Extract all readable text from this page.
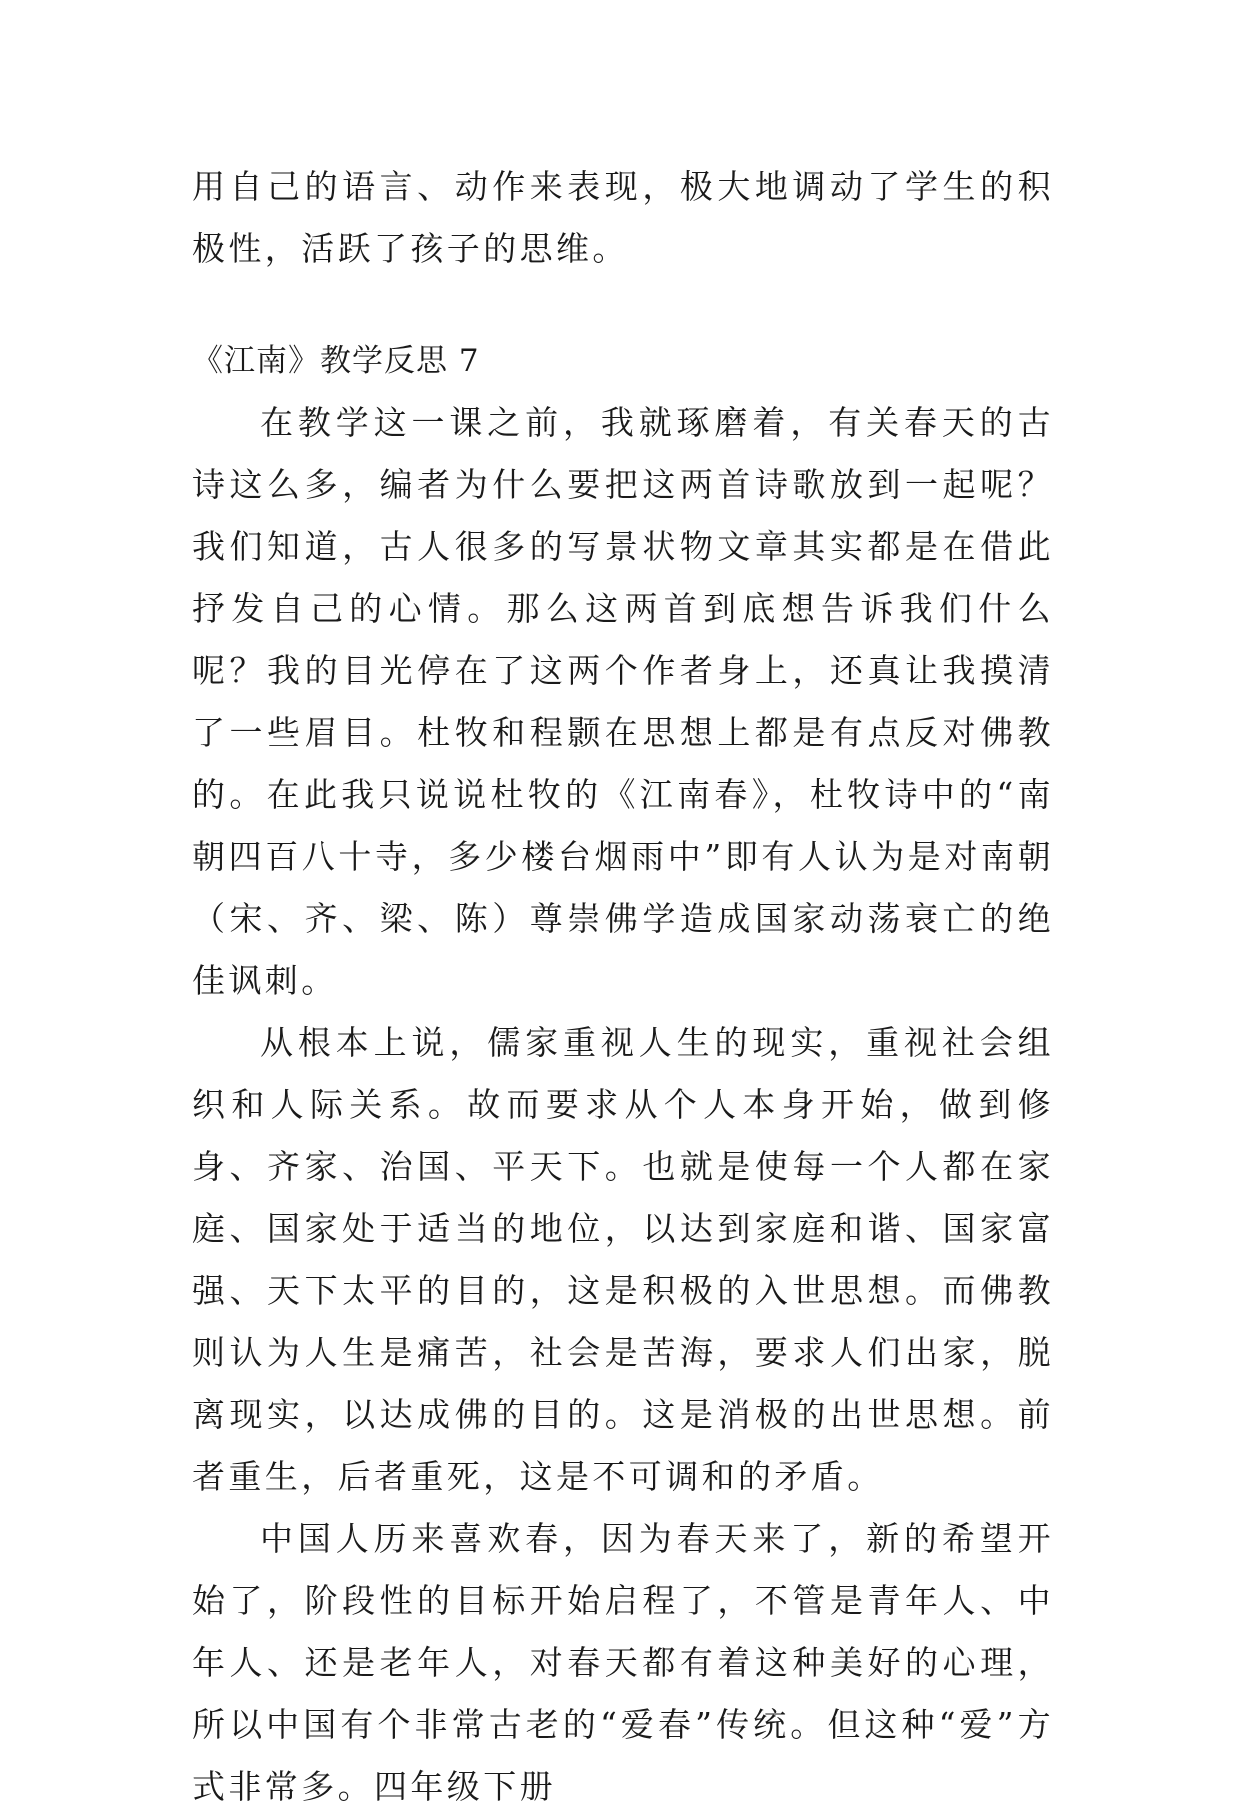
用自己的语言、动作来表现，极大地调动了学生的积极性，活跃了孩子的思维。

《江南》教学反思 7

在教学这一课之前，我就琢磨着，有关春天的古诗这么多，编者为什么要把这两首诗歌放到一起呢？我们知道，古人很多的写景状物文章其实都是在借此抒发自己的心情。那么这两首到底想告诉我们什么呢？我的目光停在了这两个作者身上，还真让我摸清了一些眉目。杜牧和程颢在思想上都是有点反对佛教的。在此我只说说杜牧的《江南春》，杜牧诗中的“南朝四百八十寺，多少楼台烟雨中”即有人认为是对南朝（宋、齐、梁、陈）尊崇佛学造成国家动荡衰亡的绝佳讽刺。

从根本上说，儒家重视人生的现实，重视社会组织和人际关系。故而要求从个人本身开始，做到修身、齐家、治国、平天下。也就是使每一个人都在家庭、国家处于适当的地位，以达到家庭和谐、国家富强、天下太平的目的，这是积极的入世思想。而佛教则认为人生是痛苦，社会是苦海，要求人们出家，脱离现实，以达成佛的目的。这是消极的出世思想。前者重生，后者重死，这是不可调和的矛盾。

中国人历来喜欢春，因为春天来了，新的希望开始了，阶段性的目标开始启程了，不管是青年人、中年人、还是老年人，对春天都有着这种美好的心理，所以中国有个非常古老的“爱春”传统。但这种“爱”方式非常多。四年级下册
